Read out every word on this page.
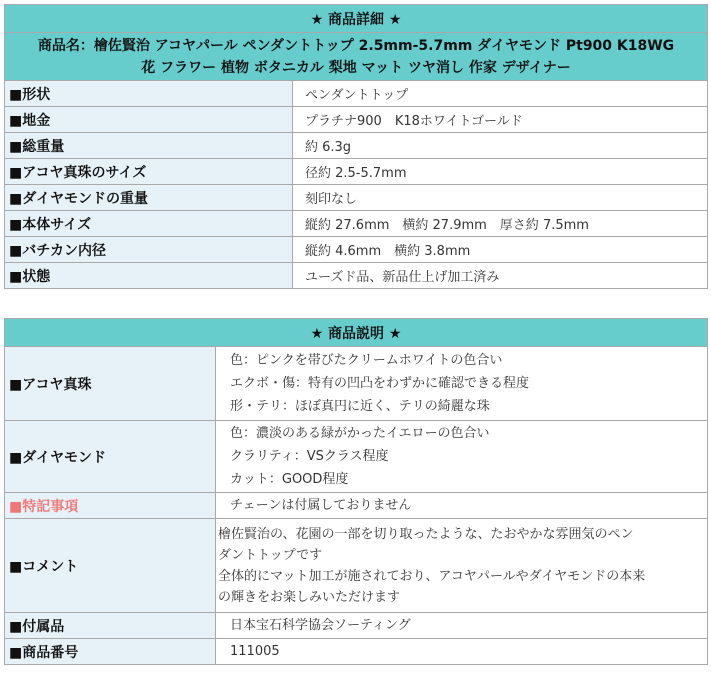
★ 商品詳細 ★	

商品名：檜佐賢治 アコヤパール ペンダントトップ 2.5mm-5.7mm ダイヤモンド Pt900 K18WG
花 フラワー 植物 ボタニカル 梨地 マット ツヤ消し 作家 デザイナー	

■形状	ペンダントトップ
■地金	プラチナ900　K18ホワイトゴールド
■総重量	約 6.3g
■アコヤ真珠のサイズ	径約 2.5-5.7mm
■ダイヤモンドの重量	刻印なし
■本体サイズ	縦約 27.6mm　横約 27.9mm　厚さ約 7.5mm
■バチカン内径	縦約 4.6mm　横約 3.8mm
■状態	ユーズド品、新品仕上げ加工済み
★ 商品説明 ★	
■アコヤ真珠	色：ピンクを帯びたクリームホワイトの色合い
エクボ・傷：特有の凹凸をわずかに確認できる程度
形・テリ：ほぼ真円に近く、テリの綺麗な珠

■ダイヤモンド	色：濃淡のある緑がかったイエローの色合い
クラリティ：VSクラス程度
カット：GOOD程度

■特記事項	チェーンは付属しておりません
■コメント	檜佐賢治の、花園の一部を切り取ったような、たおやかな雰囲気のペン
ダントトップです
全体的にマット加工が施されており、アコヤパールやダイヤモンドの本来
の輝きをお楽しみいただけます

■付属品	日本宝石科学協会ソーティング
■商品番号	111005
